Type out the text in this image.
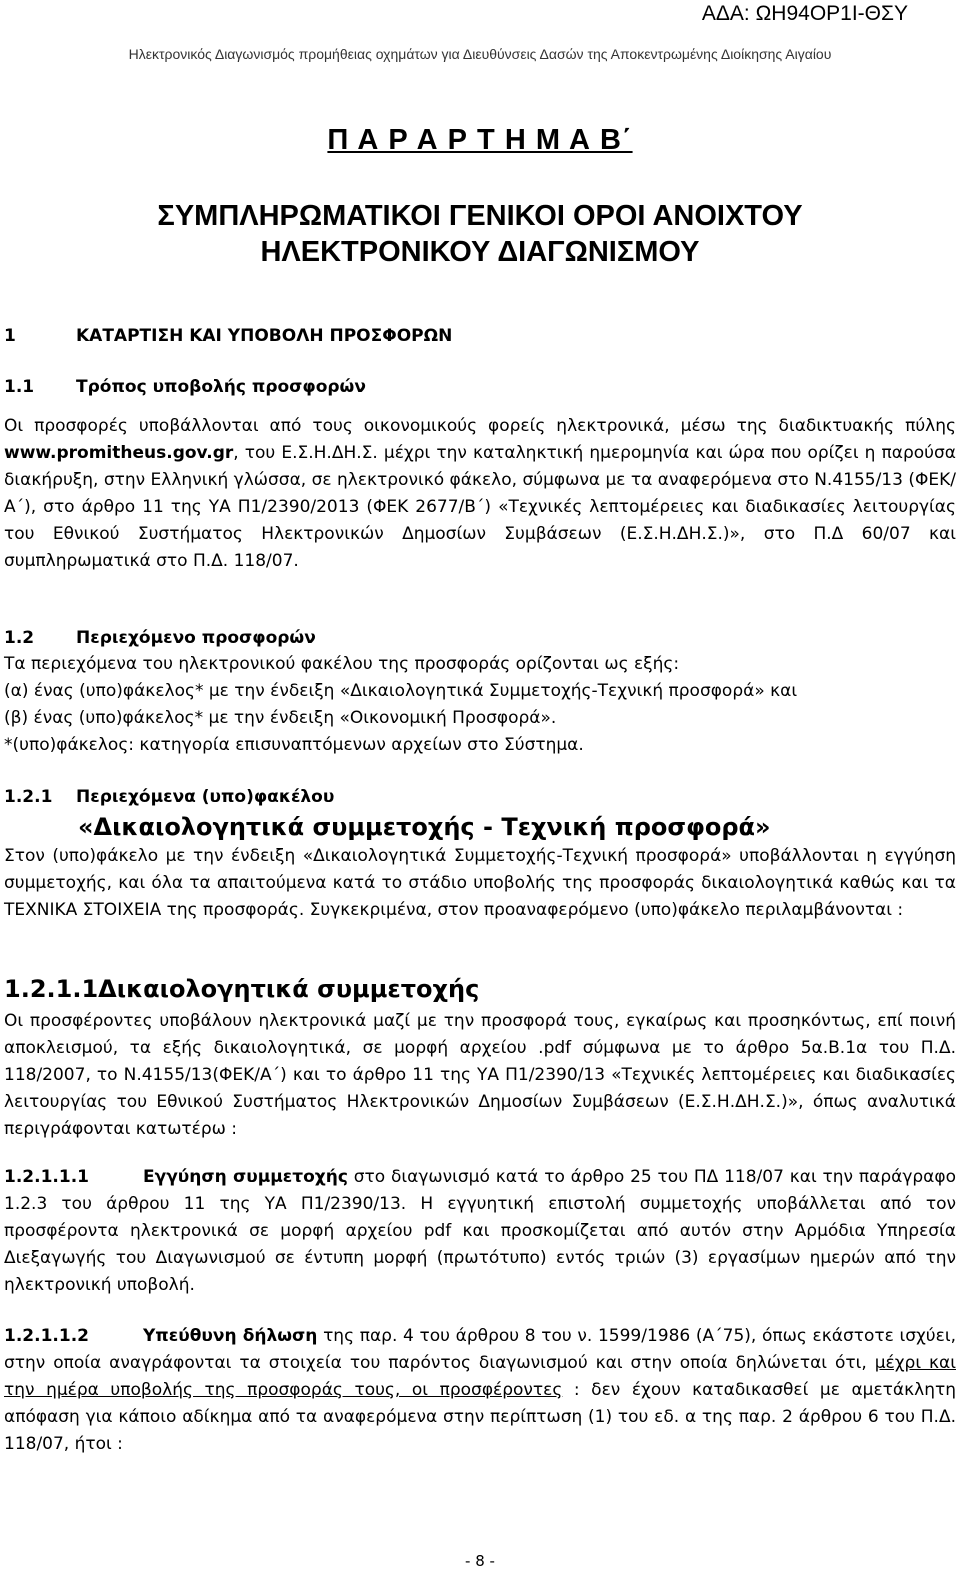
ΑΔΑ: ΩΗ94ΟΡ1Ι-ΘΣΥ
Ηλεκτρονικός Διαγωνισμός προμήθειας οχημάτων για Διευθύνσεις Δασών της Αποκεντρωμένης Διοίκησης Αιγαίου
Π Α Ρ Α Ρ Τ Η Μ Α Β΄
ΣΥΜΠΛΗΡΩΜΑΤΙΚΟΙ ΓΕΝΙΚΟΙ ΟΡΟΙ ΑΝΟΙΧΤΟΥ
ΗΛΕΚΤΡΟΝΙΚΟΥ ΔΙΑΓΩΝΙΣΜΟΥ
1	ΚΑΤΑΡΤΙΣΗ ΚΑΙ ΥΠΟΒΟΛΗ ΠΡΟΣΦΟΡΩΝ
1.1 Τρόπος υποβολής προσφορών
Οι προσφορές υποβάλλονται από τους οικονομικούς φορείς ηλεκτρονικά, μέσω της διαδικτυακής πύλης www.promitheus.gov.gr, του Ε.Σ.Η.ΔΗ.Σ. μέχρι την καταληκτική ημερομηνία και ώρα που ορίζει η παρούσα διακήρυξη, στην Ελληνική γλώσσα, σε ηλεκτρονικό φάκελο, σύμφωνα με τα αναφερόμενα στο Ν.4155/13 (ΦΕΚ/Α΄), στο άρθρο 11 της ΥΑ Π1/2390/2013 (ΦΕΚ 2677/Β΄) «Τεχνικές λεπτομέρειες και διαδικασίες λειτουργίας του Εθνικού Συστήματος Ηλεκτρονικών Δημοσίων Συμβάσεων (Ε.Σ.Η.ΔΗ.Σ.)», στο Π.Δ 60/07 και συμπληρωματικά στο Π.Δ. 118/07.
1.2 Περιεχόμενο προσφορών
Τα περιεχόμενα του ηλεκτρονικού φακέλου της προσφοράς ορίζονται ως εξής:
(α) ένας (υπο)φάκελος* με την ένδειξη «Δικαιολογητικά Συμμετοχής-Τεχνική προσφορά» και
(β) ένας (υπο)φάκελος* με την ένδειξη «Οικονομική Προσφορά».
*(υπο)φάκελος: κατηγορία επισυναπτόμενων αρχείων στο Σύστημα.
1.2.1 Περιεχόμενα (υπο)φακέλου
«Δικαιολογητικά συμμετοχής - Τεχνική προσφορά»
Στον (υπο)φάκελο με την ένδειξη «Δικαιολογητικά Συμμετοχής-Τεχνική προσφορά» υποβάλλονται η εγγύηση συμμετοχής, και όλα τα απαιτούμενα κατά το στάδιο υποβολής της προσφοράς δικαιολογητικά καθώς και τα ΤΕΧΝΙΚΑ ΣΤΟΙΧΕΙΑ της προσφοράς. Συγκεκριμένα, στον προαναφερόμενο (υπο)φάκελο περιλαμβάνονται :
1.2.1.1Δικαιολογητικά συμμετοχής
Οι προσφέροντες υποβάλουν ηλεκτρονικά μαζί με την προσφορά τους, εγκαίρως και προσηκόντως, επί ποινή αποκλεισμού, τα εξής δικαιολογητικά, σε μορφή αρχείου .pdf σύμφωνα με το άρθρο 5α.Β.1α του Π.Δ. 118/2007, το Ν.4155/13(ΦΕΚ/Α΄) και το άρθρο 11 της ΥΑ Π1/2390/13 «Τεχνικές λεπτομέρειες και διαδικασίες λειτουργίας του Εθνικού Συστήματος Ηλεκτρονικών Δημοσίων Συμβάσεων (Ε.Σ.Η.ΔΗ.Σ.)», όπως αναλυτικά περιγράφονται κατωτέρω :
1.2.1.1.1	Εγγύηση συμμετοχής στο διαγωνισμό κατά το άρθρο 25 του ΠΔ 118/07 και την παράγραφο 1.2.3 του άρθρου 11 της ΥΑ Π1/2390/13. Η εγγυητική επιστολή συμμετοχής υποβάλλεται από τον προσφέροντα ηλεκτρονικά σε μορφή αρχείου pdf και προσκομίζεται από αυτόν στην Αρμόδια Υπηρεσία Διεξαγωγής του Διαγωνισμού σε έντυπη μορφή (πρωτότυπο) εντός τριών (3) εργασίμων ημερών από την ηλεκτρονική υποβολή.
1.2.1.1.2	Υπεύθυνη δήλωση της παρ. 4 του άρθρου 8 του ν. 1599/1986 (Α΄75), όπως εκάστοτε ισχύει, στην οποία αναγράφονται τα στοιχεία του παρόντος διαγωνισμού και στην οποία δηλώνεται ότι, μέχρι και την ημέρα υποβολής της προσφοράς τους, οι προσφέροντες : δεν έχουν καταδικασθεί με αμετάκλητη απόφαση για κάποιο αδίκημα από τα αναφερόμενα στην περίπτωση (1) του εδ. α της παρ. 2 άρθρου 6 του Π.Δ. 118/07, ήτοι :
- 8 -
